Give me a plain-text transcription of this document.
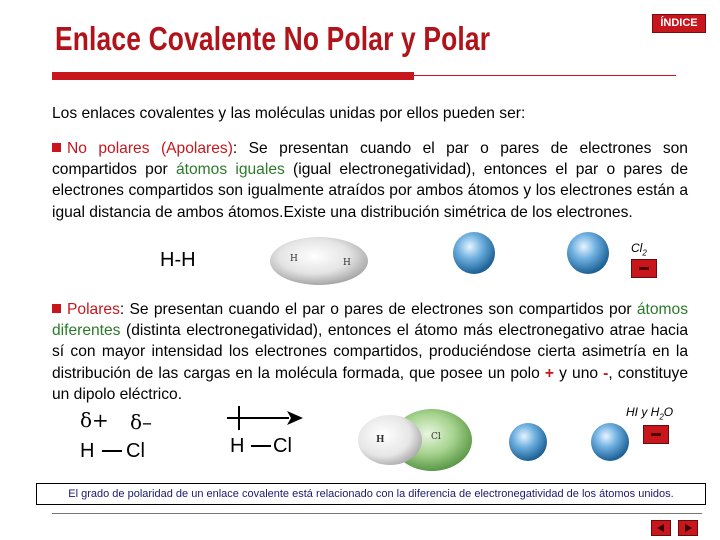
Enlace Covalente No Polar y Polar	ÍNDICE
Los enlaces covalentes y las moléculas unidas por ellos pueden ser:
No polares (Apolares): Se presentan cuando el par o pares de electrones son compartidos por átomos iguales (igual electronegatividad), entonces el par o pares de electrones compartidos son igualmente atraídos por ambos átomos y los electrones están a igual distancia de ambos átomos.Existe una distribución simétrica de los electrones.
H-H	H	H
$Cl_2$
Polares: Se presentan cuando el par o pares de electrones son compartidos por átomos diferentes (distinta electronegatividad), entonces el átomo más electronegativo atrae hacia sí con mayor intensidad los electrones compartidos, produciéndose cierta asimetría en la distribución de las cargas en la molécula formada, que posee un polo + y uno -, constituye un dipolo eléctrico.
δ+ δ–
H Cl	H Cl	H	Cl
HI y $H_2O$
El grado de polaridad de un enlace covalente está relacionado con la diferencia de electronegatividad de los átomos unidos.
